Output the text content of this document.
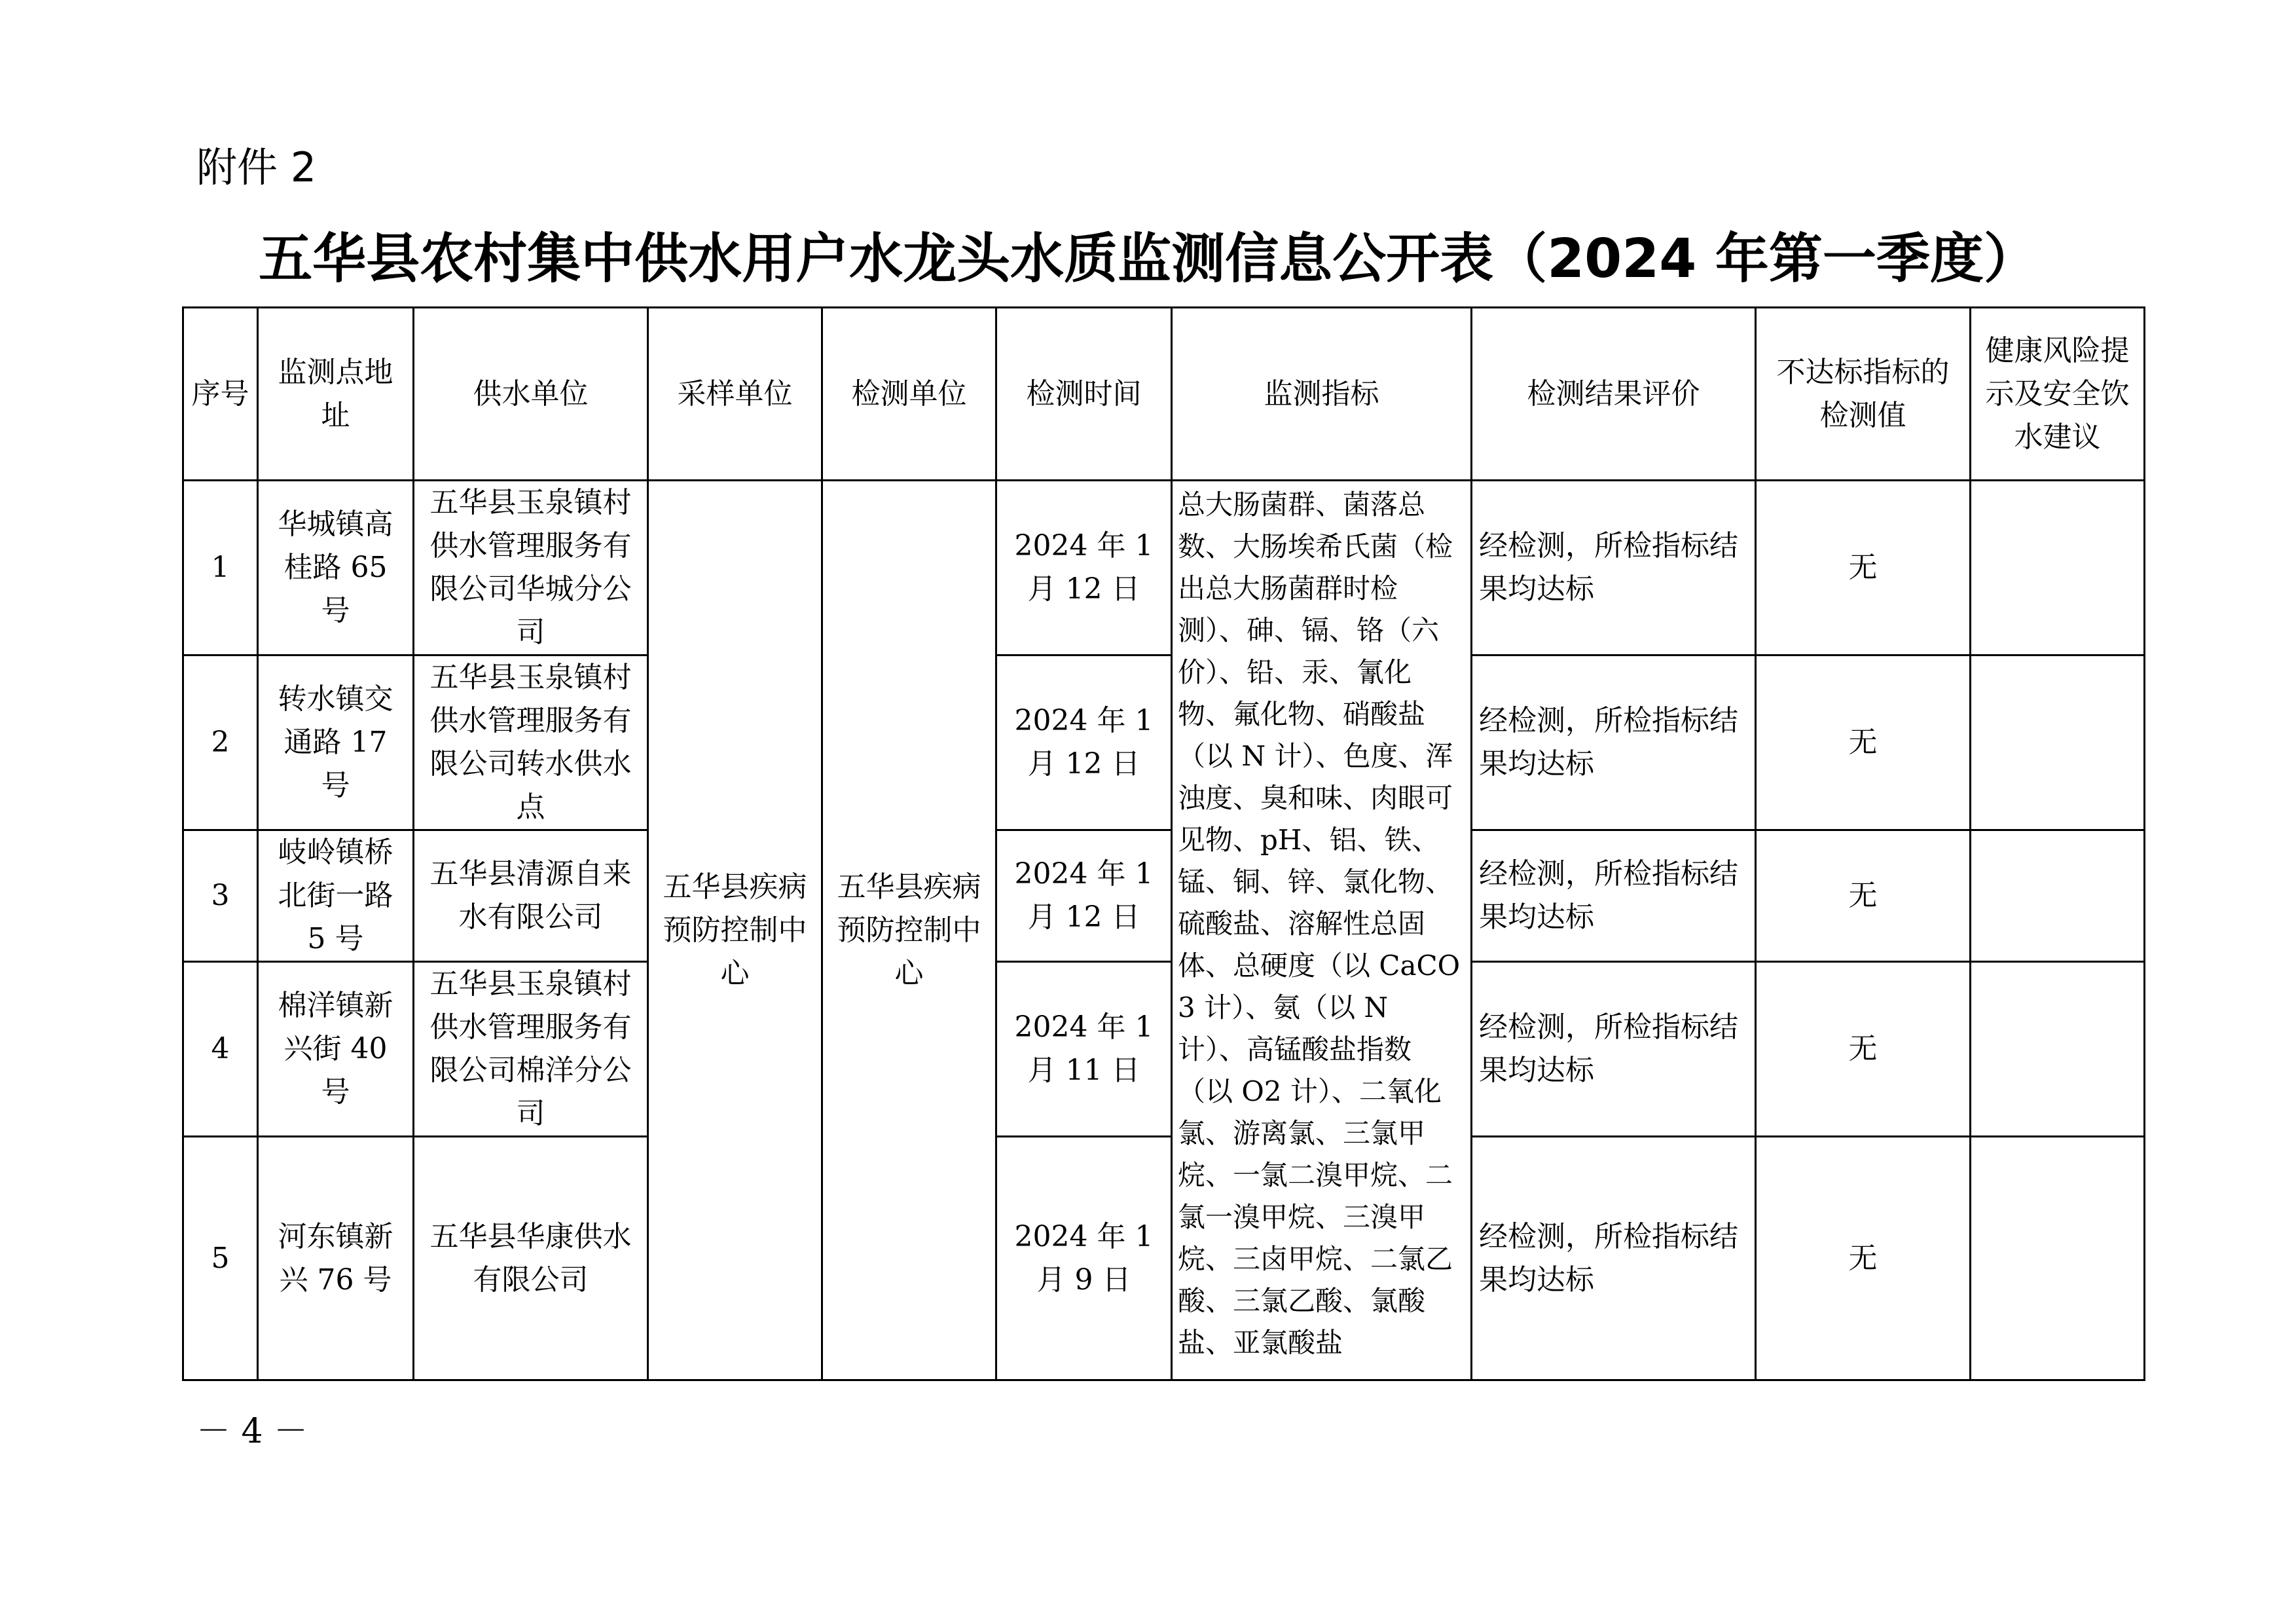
附件 2
五华县农村集中供水用户水龙头水质监测信息公开表（2024 年第一季度）
序号	监测点地址	供水单位	采样单位	检测单位	检测时间	监测指标	检测结果评价	不达标指标的检测值	健康风险提示及安全饮水建议
1	华城镇高桂路 65 号	五华县玉泉镇村供水管理服务有限公司华城分公司	五华县疾病预防控制中心	五华县疾病预防控制中心	2024 年 1 月 12 日	总大肠菌群、菌落总数、大肠埃希氏菌（检出总大肠菌群时检测）、砷、镉、铬（六价）、铅、汞、氰化物、氟化物、硝酸盐（以 N 计）、色度、浑浊度、臭和味、肉眼可见物、pH、铝、铁、锰、铜、锌、氯化物、硫酸盐、溶解性总固体、总硬度（以 CaCO3 计）、氨（以 N 计）、高锰酸盐指数（以 O2 计）、二氧化氯、游离氯、三氯甲烷、一氯二溴甲烷、二氯一溴甲烷、三溴甲烷、三卤甲烷、二氯乙酸、三氯乙酸、氯酸盐、亚氯酸盐	经检测，所检指标结果均达标	无	
2	转水镇交通路 17 号	五华县玉泉镇村供水管理服务有限公司转水供水点			2024 年 1 月 12 日		经检测，所检指标结果均达标	无	
3	岐岭镇桥北街一路 5 号	五华县清源自来水有限公司			2024 年 1 月 12 日		经检测，所检指标结果均达标	无	
4	棉洋镇新兴街 40 号	五华县玉泉镇村供水管理服务有限公司棉洋分公司			2024 年 1 月 11 日		经检测，所检指标结果均达标	无	
5	河东镇新兴 76 号	五华县华康供水有限公司			2024 年 1 月 9 日		经检测，所检指标结果均达标	无	
－ 4 －
